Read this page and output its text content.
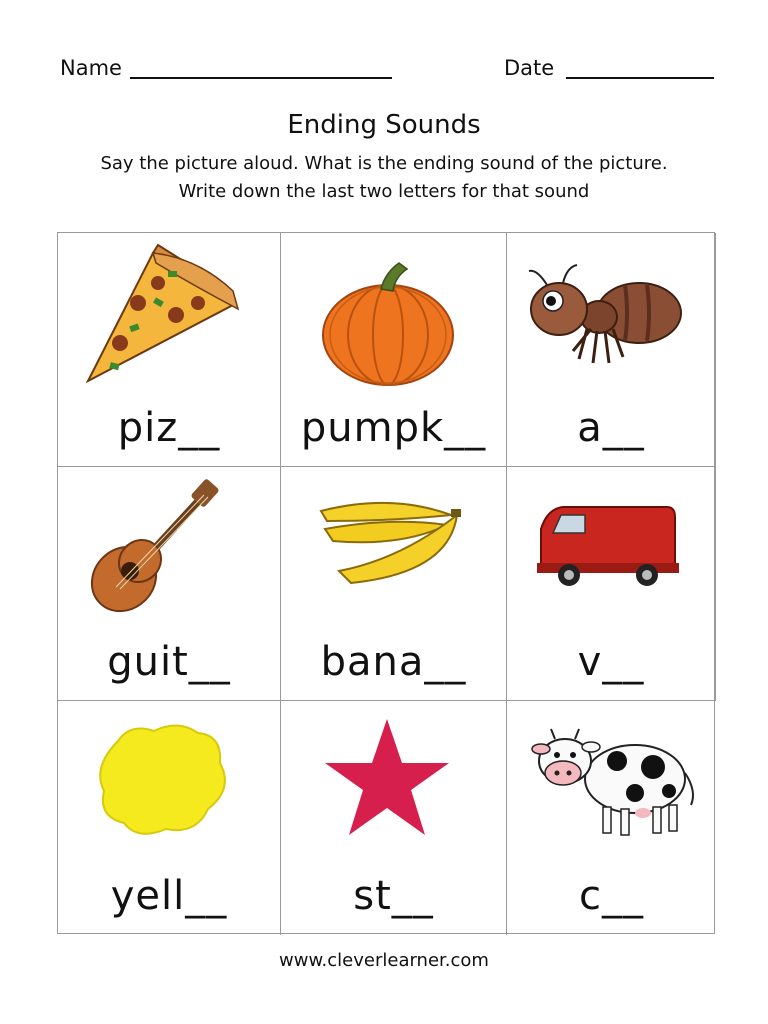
Name	Date
Ending Sounds
Say the picture aloud. What is the ending sound of the picture.
Write down the last two letters for that sound
piz__	pumpk__	a__
guit__	bana__	v__
yell__	st__	c__
www.cleverlearner.com
